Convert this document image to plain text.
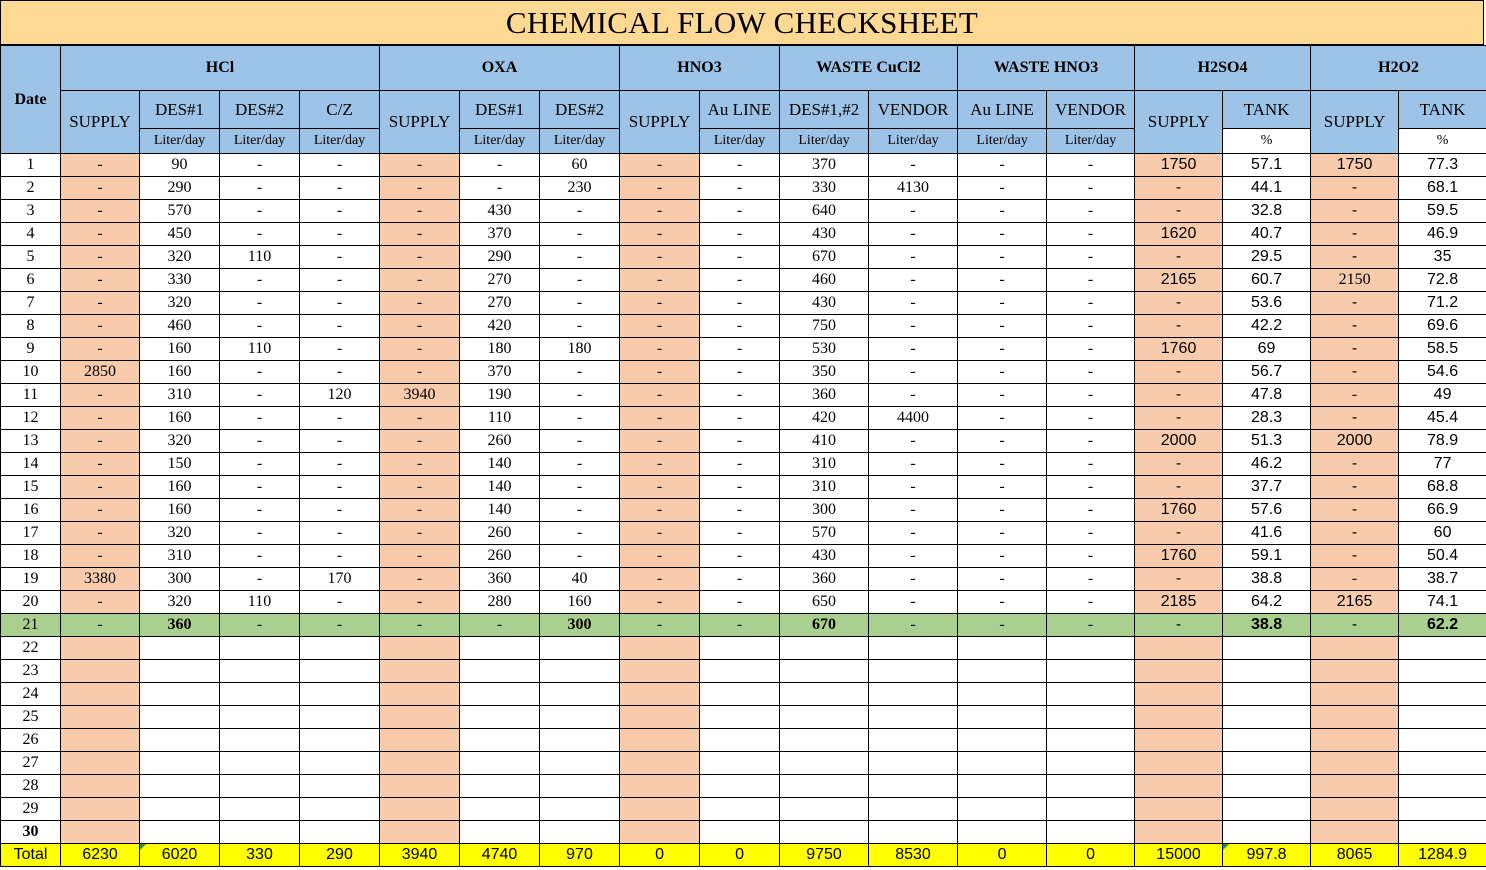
CHEMICAL FLOW CHECKSHEET
Date	HCl				OXA			HNO3		WASTE CuCl2		WASTE HNO3		H2SO4		H2O2	
	SUPPLY	DES#1	DES#2	C/Z	SUPPLY	DES#1	DES#2	SUPPLY	Au LINE	DES#1,#2	VENDOR	Au LINE	VENDOR	SUPPLY	TANK	SUPPLY	TANK
		Liter/day	Liter/day	Liter/day		Liter/day	Liter/day		Liter/day	Liter/day	Liter/day	Liter/day	Liter/day		%		%
1	-	90	-	-	-	-	60	-	-	370	-	-	-	1750	57.1	1750	77.3
2	-	290	-	-	-	-	230	-	-	330	4130	-	-	-	44.1	-	68.1
3	-	570	-	-	-	430	-	-	-	640	-	-	-	-	32.8	-	59.5
4	-	450	-	-	-	370	-	-	-	430	-	-	-	1620	40.7	-	46.9
5	-	320	110	-	-	290	-	-	-	670	-	-	-	-	29.5	-	35
6	-	330	-	-	-	270	-	-	-	460	-	-	-	2165	60.7	2150	72.8
7	-	320	-	-	-	270	-	-	-	430	-	-	-	-	53.6	-	71.2
8	-	460	-	-	-	420	-	-	-	750	-	-	-	-	42.2	-	69.6
9	-	160	110	-	-	180	180	-	-	530	-	-	-	1760	69	-	58.5
10	2850	160	-	-	-	370	-	-	-	350	-	-	-	-	56.7	-	54.6
11	-	310	-	120	3940	190	-	-	-	360	-	-	-	-	47.8	-	49
12	-	160	-	-	-	110	-	-	-	420	4400	-	-	-	28.3	-	45.4
13	-	320	-	-	-	260	-	-	-	410	-	-	-	2000	51.3	2000	78.9
14	-	150	-	-	-	140	-	-	-	310	-	-	-	-	46.2	-	77
15	-	160	-	-	-	140	-	-	-	310	-	-	-	-	37.7	-	68.8
16	-	160	-	-	-	140	-	-	-	300	-	-	-	1760	57.6	-	66.9
17	-	320	-	-	-	260	-	-	-	570	-	-	-	-	41.6	-	60
18	-	310	-	-	-	260	-	-	-	430	-	-	-	1760	59.1	-	50.4
19	3380	300	-	170	-	360	40	-	-	360	-	-	-	-	38.8	-	38.7
20	-	320	110	-	-	280	160	-	-	650	-	-	-	2185	64.2	2165	74.1
21	-	360	-	-	-	-	300	-	-	670	-	-	-	-	38.8	-	62.2
22																	
23																	
24																	
25																	
26																	
27																	
28																	
29																	
30																	
Total	6230	6020	330	290	3940	4740	970	0	0	9750	8530	0	0	15000	997.8	8065	1284.9
